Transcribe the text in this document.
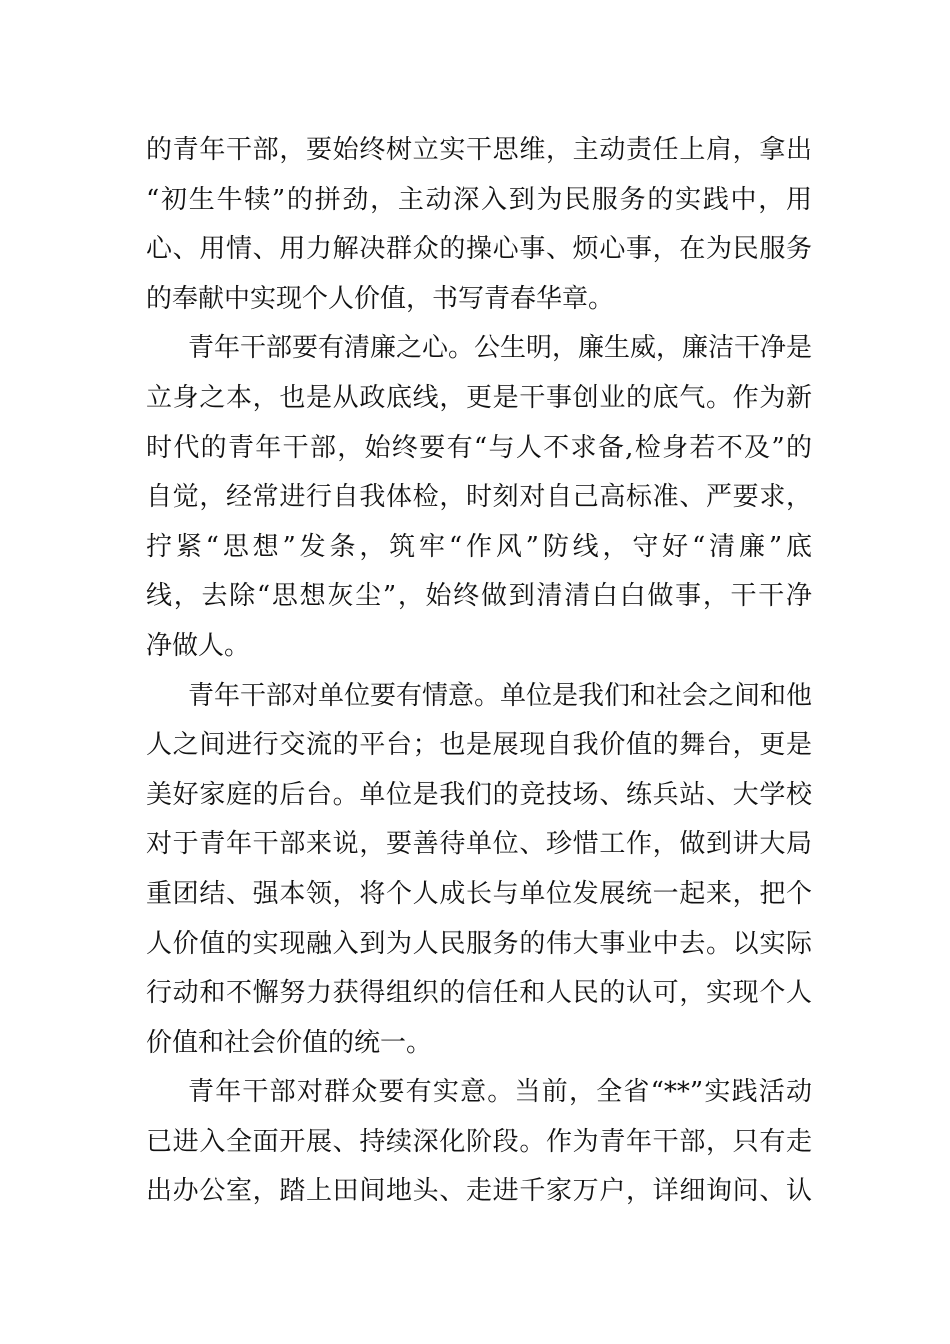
的青年干部，要始终树立实干思维，主动责任上肩，拿出
“初生牛犊”的拼劲，主动深入到为民服务的实践中，用
心、用情、用力解决群众的操心事、烦心事，在为民服务
的奉献中实现个人价值，书写青春华章。
青年干部要有清廉之心。公生明，廉生威，廉洁干净是
立身之本，也是从政底线，更是干事创业的底气。作为新
时代的青年干部，始终要有“与人不求备,检身若不及”的
自觉，经常进行自我体检，时刻对自己高标准、严要求，
拧紧“思想”发条，筑牢“作风”防线，守好“清廉”底
线，去除“思想灰尘”，始终做到清清白白做事，干干净
净做人。
青年干部对单位要有情意。单位是我们和社会之间和他
人之间进行交流的平台；也是展现自我价值的舞台，更是
美好家庭的后台。单位是我们的竞技场、练兵站、大学校
对于青年干部来说，要善待单位、珍惜工作，做到讲大局
重团结、强本领，将个人成长与单位发展统一起来，把个
人价值的实现融入到为人民服务的伟大事业中去。以实际
行动和不懈努力获得组织的信任和人民的认可，实现个人
价值和社会价值的统一。
青年干部对群众要有实意。当前，全省“**”实践活动
已进入全面开展、持续深化阶段。作为青年干部，只有走
出办公室，踏上田间地头、走进千家万户，详细询问、认
